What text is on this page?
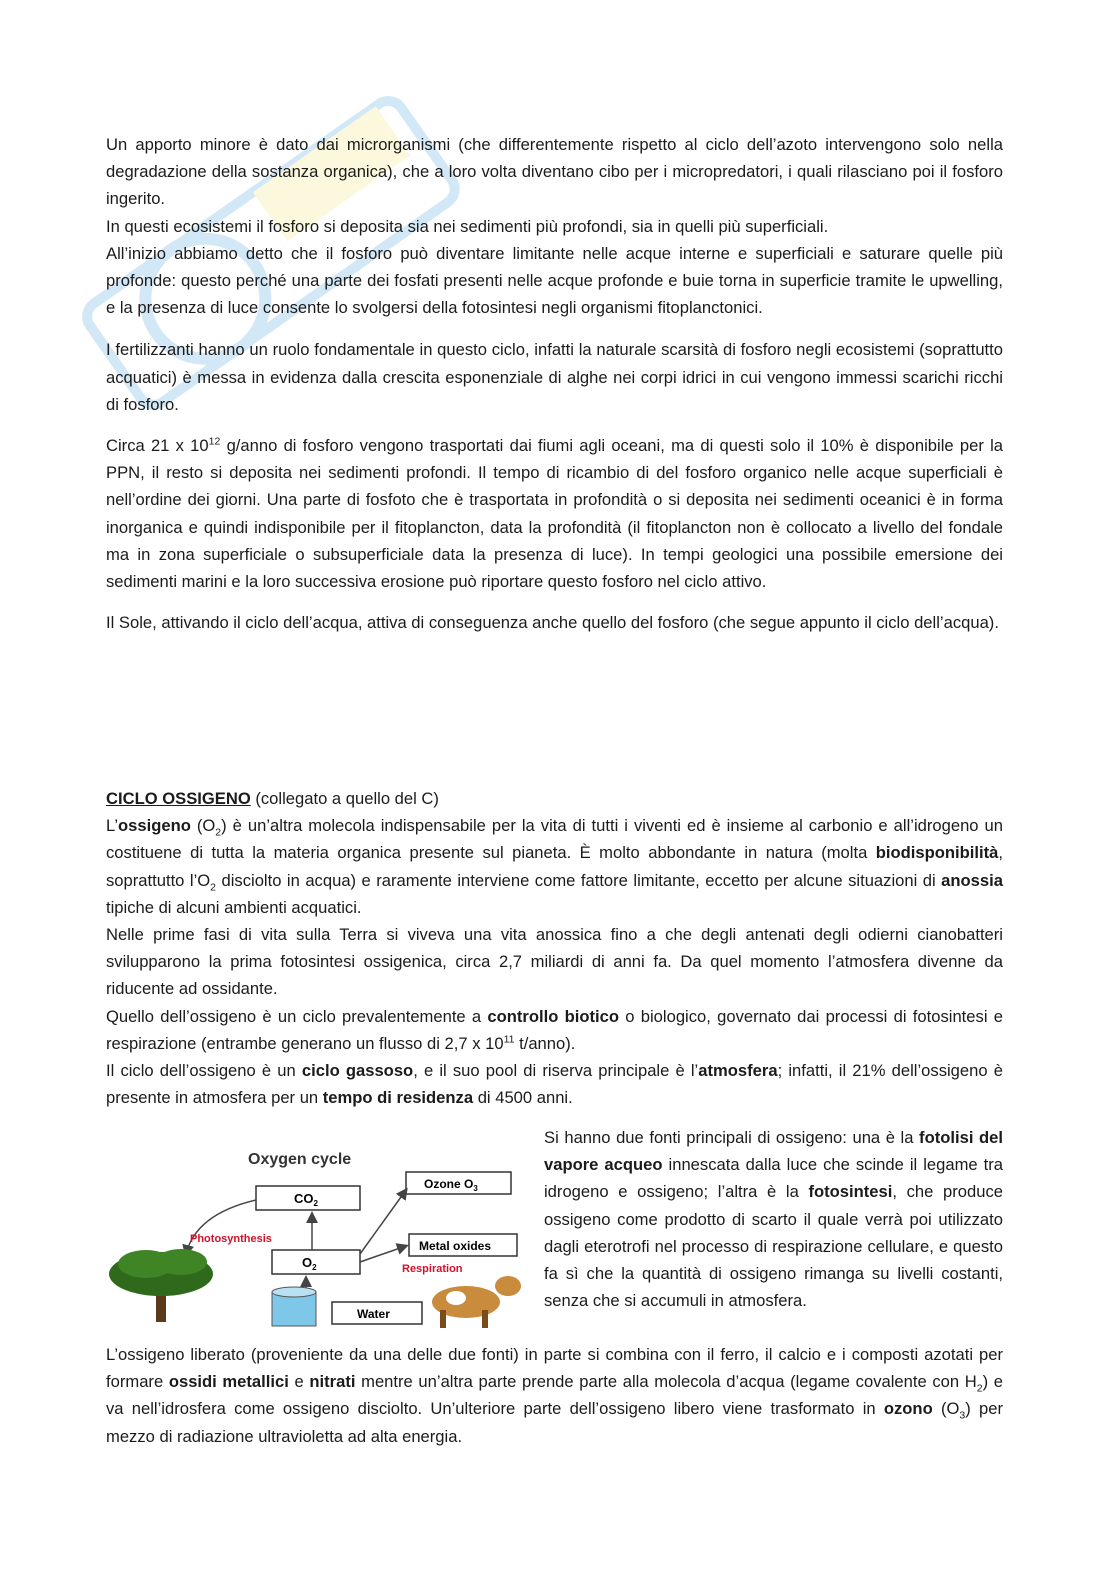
Un apporto minore è dato dai microrganismi (che differentemente rispetto al ciclo dell’azoto intervengono solo nella degradazione della sostanza organica), che a loro volta diventano cibo per i micropredatori, i quali rilasciano poi il fosforo ingerito.

In questi ecosistemi il fosforo si deposita sia nei sedimenti più profondi, sia in quelli più superficiali.

All’inizio abbiamo detto che il fosforo può diventare limitante nelle acque interne e superficiali e saturare quelle più profonde: questo perché una parte dei fosfati presenti nelle acque profonde e buie torna in superficie tramite le upwelling, e la presenza di luce consente lo svolgersi della fotosintesi negli organismi fitoplanctonici.

I fertilizzanti hanno un ruolo fondamentale in questo ciclo, infatti la naturale scarsità di fosforo negli ecosistemi (soprattutto acquatici) è messa in evidenza dalla crescita esponenziale di alghe nei corpi idrici in cui vengono immessi scarichi ricchi di fosforo.

Circa 21 x $10^{12}$ g/anno di fosforo vengono trasportati dai fiumi agli oceani, ma di questi solo il 10% è disponibile per la PPN, il resto si deposita nei sedimenti profondi. Il tempo di ricambio di del fosforo organico nelle acque superficiali è nell’ordine dei giorni. Una parte di fosfoto che è trasportata in profondità o si deposita nei sedimenti oceanici è in forma inorganica e quindi indisponibile per il fitoplancton, data la profondità (il fitoplancton non è collocato a livello del fondale ma in zona superficiale o subsuperficiale data la presenza di luce). In tempi geologici una possibile emersione dei sedimenti marini e la loro successiva erosione può riportare questo fosforo nel ciclo attivo.

Il Sole, attivando il ciclo dell’acqua, attiva di conseguenza anche quello del fosforo (che segue appunto il ciclo dell’acqua).

CICLO OSSIGENO (collegato a quello del C)

L’ossigeno $(O_2)$ è un’altra molecola indispensabile per la vita di tutti i viventi ed è insieme al carbonio e all’idrogeno un costituene di tutta la materia organica presente sul pianeta. È molto abbondante in natura (molta biodisponibilità, soprattutto $l’O_2$ disciolto in acqua) e raramente interviene come fattore limitante, eccetto per alcune situazioni di anossia tipiche di alcuni ambienti acquatici.

Nelle prime fasi di vita sulla Terra si viveva una vita anossica fino a che degli antenati degli odierni cianobatteri svilupparono la prima fotosintesi ossigenica, circa 2,7 miliardi di anni fa. Da quel momento l’atmosfera divenne da riducente ad ossidante.

Quello dell’ossigeno è un ciclo prevalentemente a controllo biotico o biologico, governato dai processi di fotosintesi e respirazione (entrambe generano un flusso di 2,7 x $10^{11}$ t/anno).

Il ciclo dell’ossigeno è un ciclo gassoso, e il suo pool di riserva principale è l’atmosfera; infatti, il 21% dell’ossigeno è presente in atmosfera per un tempo di residenza di 4500 anni.

Oxygen cycle
$CO_2$
Ozone $O_3$
$O_2$
Metal oxides
Water
Photosynthesis
Respiration

Si hanno due fonti principali di ossigeno: una è la fotolisi del vapore acqueo innescata dalla luce che scinde il legame tra idrogeno e ossigeno; l’altra è la fotosintesi, che produce ossigeno come prodotto di scarto il quale verrà poi utilizzato dagli eterotrofi nel processo di respirazione cellulare, e questo fa sì che la quantità di ossigeno rimanga su livelli costanti, senza che si accumuli in atmosfera.

L’ossigeno liberato (proveniente da una delle due fonti) in parte si combina con il ferro, il calcio e i composti azotati per formare ossidi metallici e nitrati mentre un’altra parte prende parte alla molecola d’acqua (legame covalente con $H_2$) e va nell’idrosfera come ossigeno disciolto. Un’ulteriore parte dell’ossigeno libero viene trasformato in ozono $(O_3)$ per mezzo di radiazione ultravioletta ad alta energia.
